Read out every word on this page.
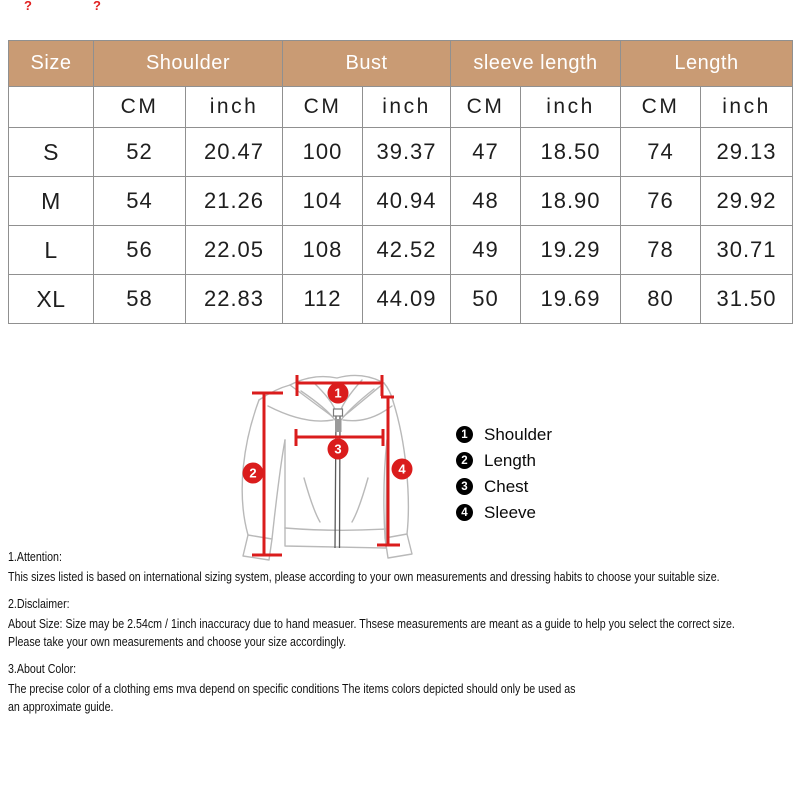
?	?
Size	Shoulder		Bust		sleeve length		Length	
	CM	inch	CM	inch	CM	inch	CM	inch
S	52	20.47	100	39.37	47	18.50	74	29.13
M	54	21.26	104	40.94	48	18.90	76	29.92
L	56	22.05	108	42.52	49	19.29	78	30.71
XL	58	22.83	112	44.09	50	19.69	80	31.50
1
2
3
4
1 Shoulder
2 Length
3 Chest
4 Sleeve
1.Attention:
This sizes listed is based on international sizing system, please according to your own measurements and dressing habits to choose your suitable size.
2.Disclaimer:
About Size: Size may be 2.54cm / 1inch inaccuracy due to hand measuer. Thsese measurements are meant as a guide to help you select the correct size.
Please take your own measurements and choose your size accordingly.
3.About Color:
The precise color of a clothing ems mva depend on specific conditions The items colors depicted should only be used as
an approximate guide.
